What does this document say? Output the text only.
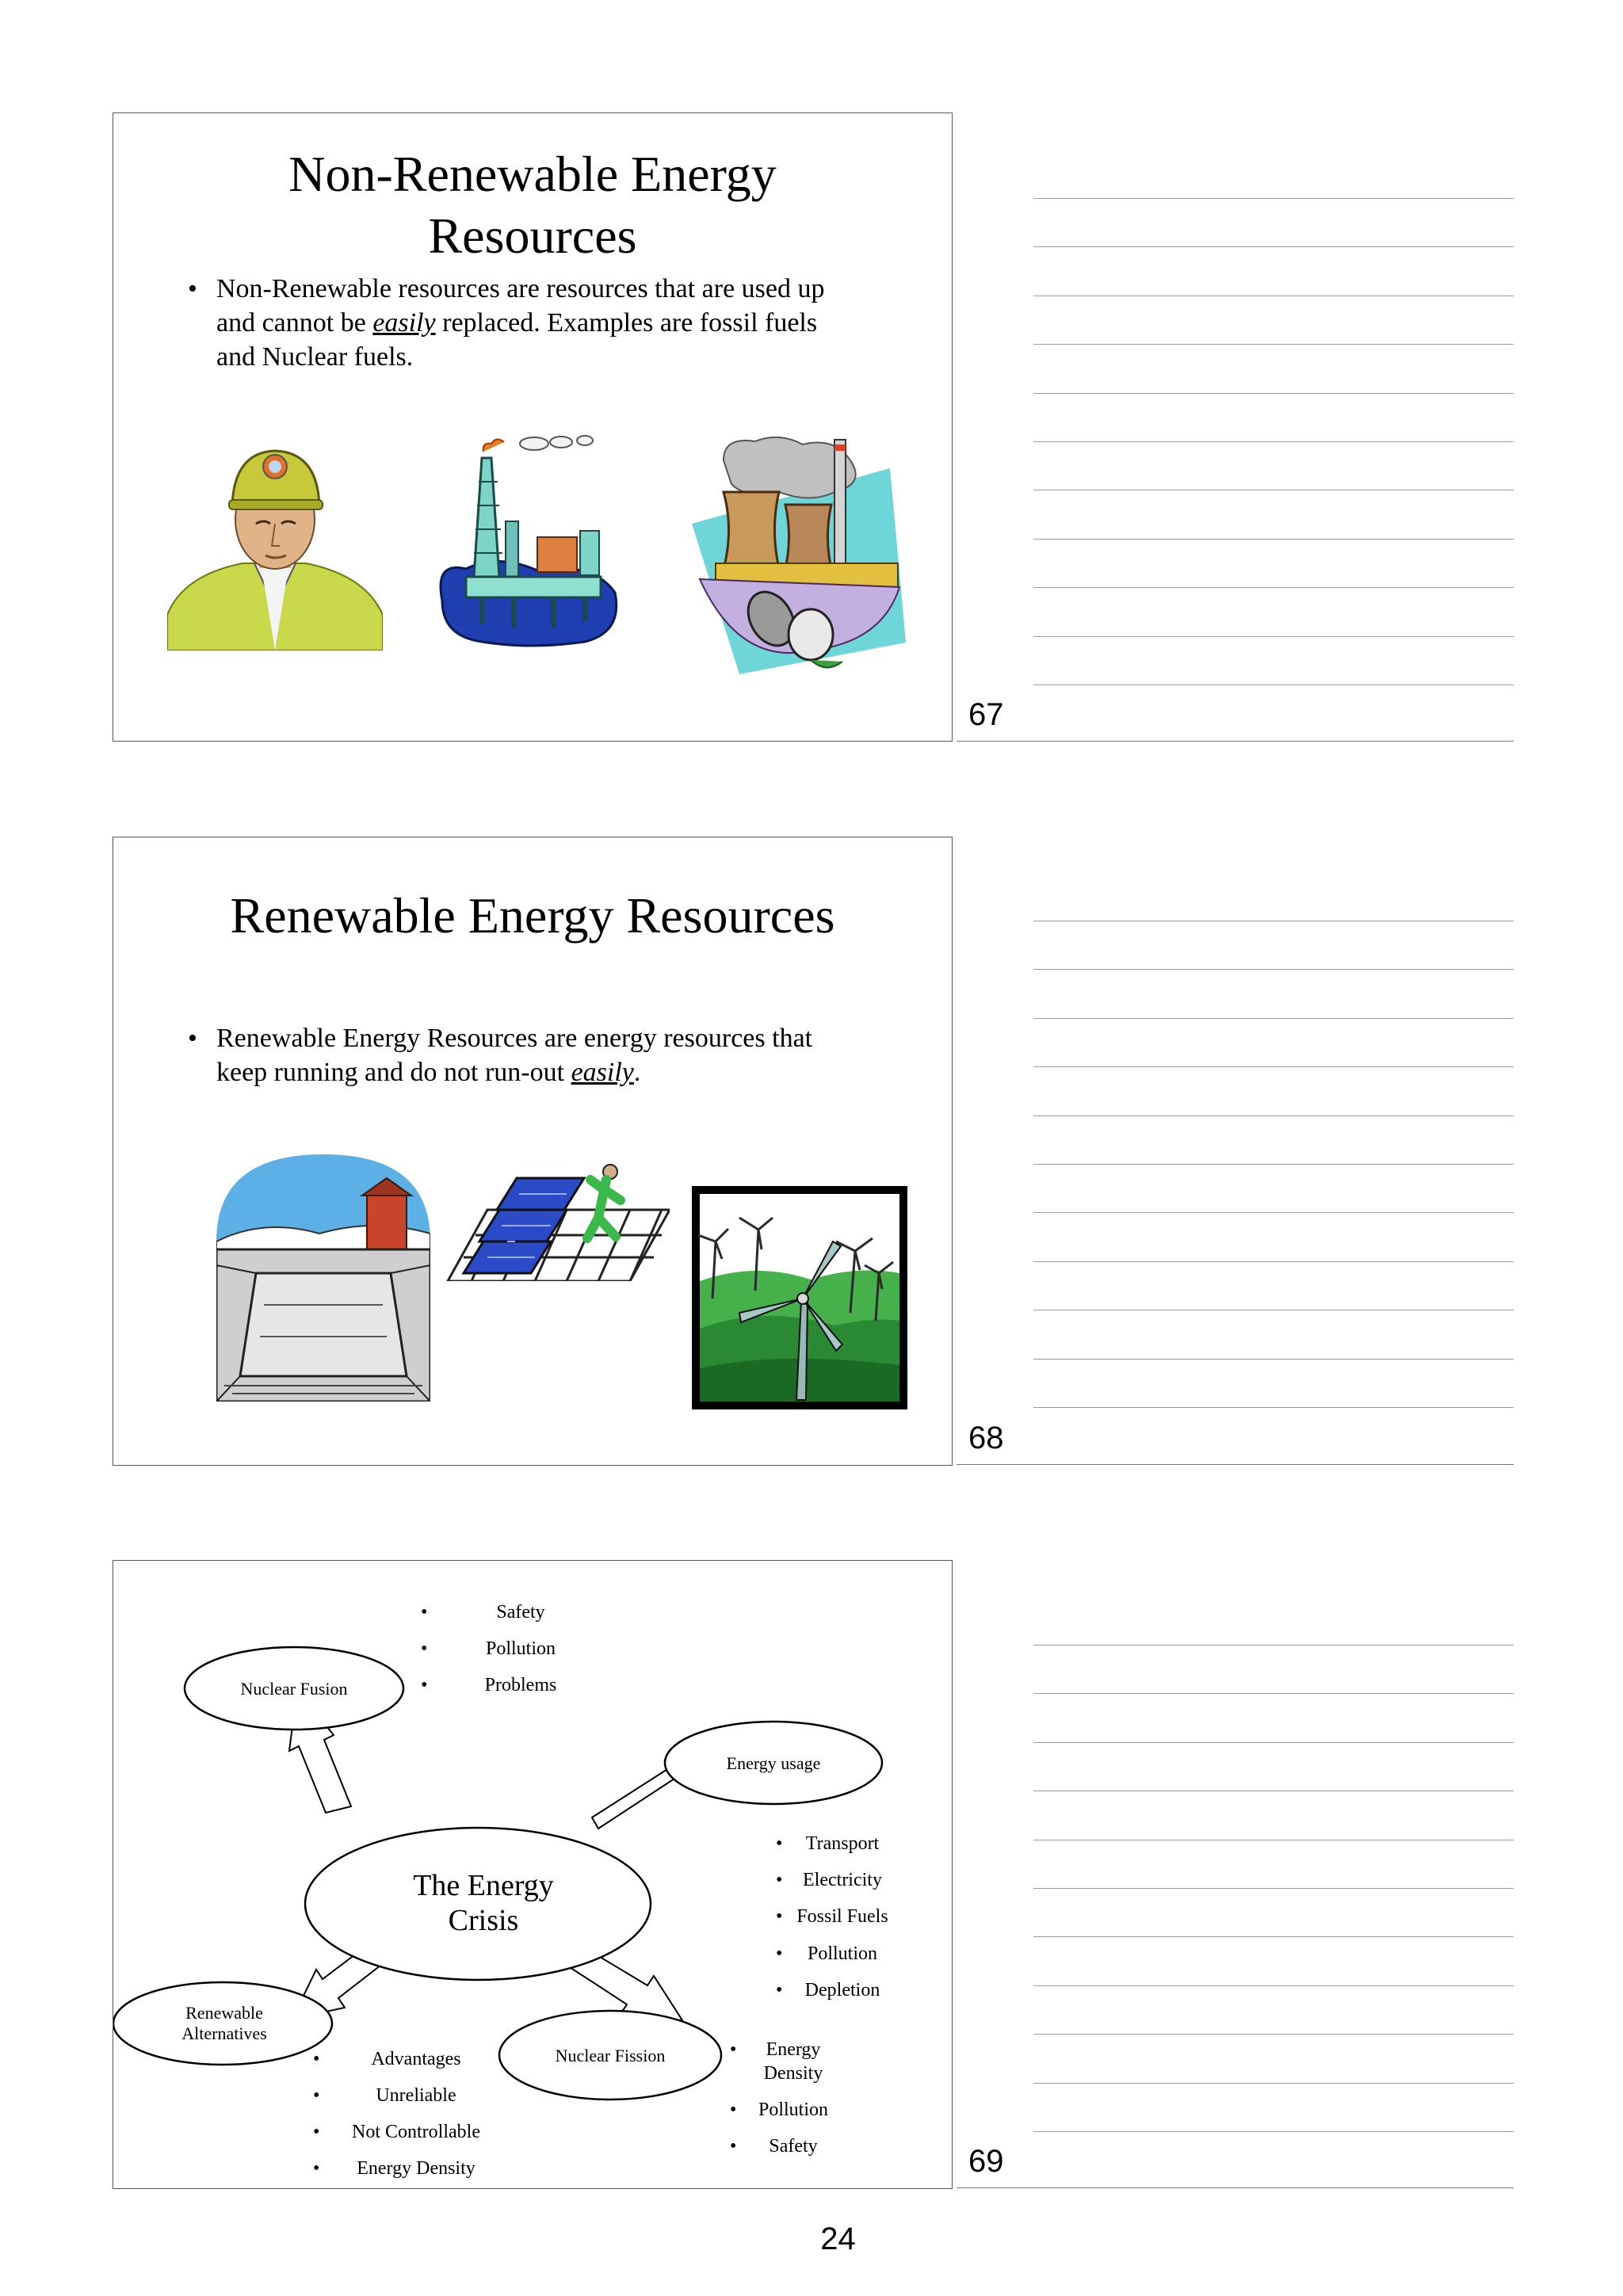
Non-Renewable Energy
Resources
• Non-Renewable resources are resources that are used up and cannot be easily replaced. Examples are fossil fuels and Nuclear fuels.
67
Renewable Energy Resources
• Renewable Energy Resources are energy resources that keep running and do not run-out easily.
68
Nuclear Fusion
Energy usage
The Energy
Crisis
Renewable
Alternatives
Nuclear Fission
•	Safety
•	Pollution
•	Problems
• Transport
• Electricity
• Fossil Fuels
• Pollution
• Depletion
•	Advantages
•	Unreliable
• Not Controllable
• Energy Density
• Energy
Density
• Pollution
• Safety	69
24
